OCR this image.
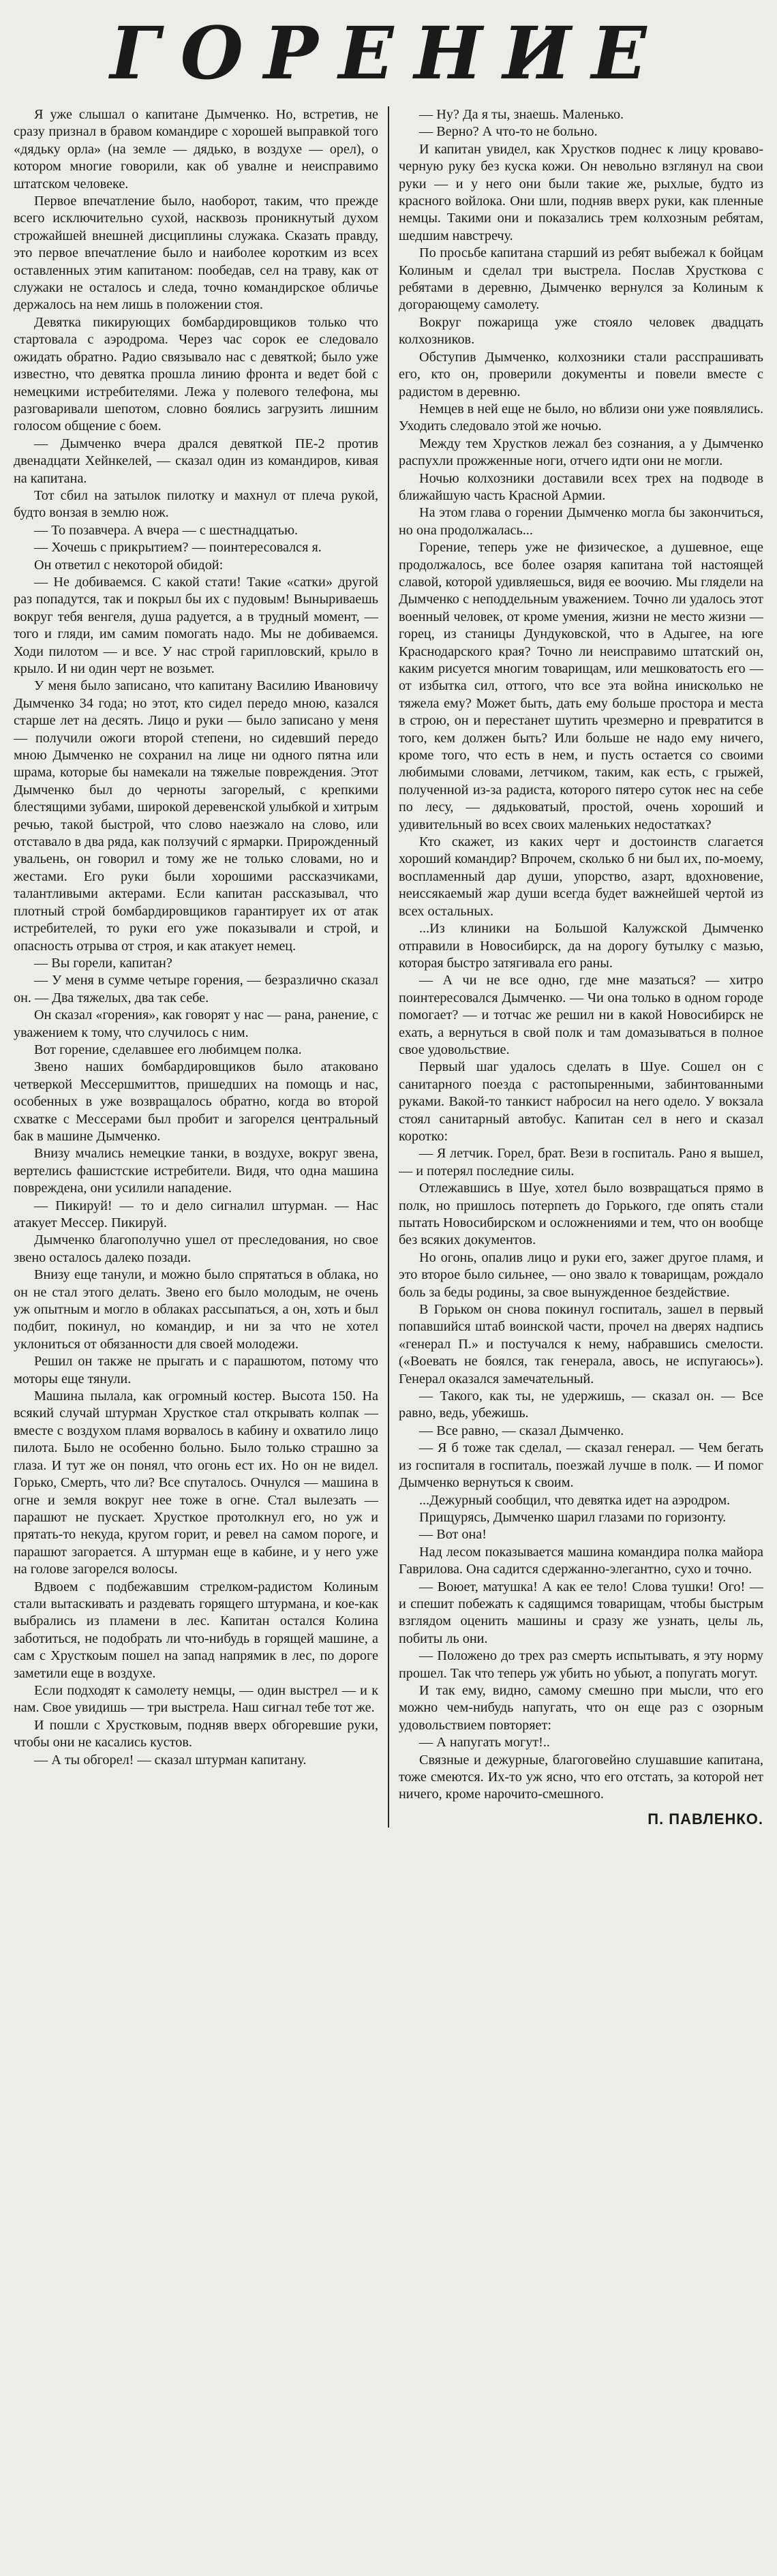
ГОРЕНИЕ

Я уже слышал о капитане Дымченко. Но, встретив, не сразу признал в бравом командире с хорошей выправкой того «дядьку орла» (на земле — дядько, в воздухе — орел), о котором многие говорили, как об увалне и неисправимо штатском человеке.

Первое впечатление было, наоборот, таким, что прежде всего исключительно сухой, насквозь проникнутый духом строжайшей внешней дисциплины служака. Сказать правду, это первое впечатление было и наиболее коротким из всех оставленных этим капитаном: пообедав, сел на траву, как от служаки не осталось и следа, точно командирское обличье держалось на нем лишь в положении стоя.

Девятка пикирующих бомбардировщиков только что стартовала с аэродрома. Через час сорок ее следовало ожидать обратно. Радио связывало нас с девяткой; было уже известно, что девятка прошла линию фронта и ведет бой с немецкими истребителями. Лежа у полевого телефона, мы разговаривали шепотом, словно боялись загрузить лишним голосом общение с боем.

— Дымченко вчера дрался девяткой ПЕ-2 против двенадцати Хейнкелей, — сказал один из командиров, кивая на капитана.

Тот сбил на затылок пилотку и махнул от плеча рукой, будто вонзая в землю нож.

— То позавчера. А вчера — с шестнадцатью.

— Хочешь с прикрытием? — поинтересовался я.

Он ответил с некоторой обидой:

— Не добиваемся. С какой стати! Такие «сатки» другой раз попадутся, так и покрыл бы их с пудовым! Выныриваешь вокруг тебя венгеля, душа радуется, а в трудный момент, — того и гляди, им самим помогать надо. Мы не добиваемся. Ходи пилотом — и все. У нас строй гарипловский, крыло в крыло. И ни один черт не возьмет.

У меня было записано, что капитану Василию Ивановичу Дымченко 34 года; но этот, кто сидел передо мною, казался старше лет на десять. Лицо и руки — было записано у меня — получили ожоги второй степени, но сидевший передо мною Дымченко не сохранил на лице ни одного пятна или шрама, которые бы намекали на тяжелые повреждения. Этот Дымченко был до черноты загорелый, с крепкими блестящими зубами, широкой деревенской улыбкой и хитрым речью, такой быстрой, что слово наезжало на слово, или отставало в два ряда, как ползучий с ярмарки. Прирожденный увальень, он говорил и тому же не только словами, но и жестами. Его руки были хорошими рассказчиками, талантливыми актерами. Если капитан рассказывал, что плотный строй бомбардировщиков гарантирует их от атак истребителей, то руки его уже показывали и строй, и опасность отрыва от строя, и как атакует немец.

— Вы горели, капитан?

— У меня в сумме четыре горения, — безразлично сказал он. — Два тяжелых, два так себе.

Он сказал «горения», как говорят у нас — рана, ранение, с уважением к тому, что случилось с ним.

Вот горение, сделавшее его любимцем полка.

Звено наших бомбардировщиков было атаковано четверкой Мессершмиттов, пришедших на помощь и нас, особенных в уже возвращалось обратно, когда во второй схватке с Мессерами был пробит и загорелся центральный бак в машине Дымченко.

Внизу мчались немецкие танки, в воздухе, вокруг звена, вертелись фашистские истребители. Видя, что одна машина повреждена, они усилили нападение.

— Пикируй! — то и дело сигналил штурман. — Нас атакует Мессер. Пикируй.

Дымченко благополучно ушел от преследования, но свое звено осталось далеко позади.

Внизу еще танули, и можно было спрятаться в облака, но он не стал этого делать. Звено его было молодым, не очень уж опытным и могло в облаках рассыпаться, а он, хоть и был подбит, покинул, но командир, и ни за что не хотел уклониться от обязанности для своей молодежи.

Решил он также не прыгать и с парашютом, потому что моторы еще тянули.

Машина пылала, как огромный костер. Высота 150. На всякий случай штурман Хрусткое стал открывать колпак — вместе с воздухом пламя ворвалось в кабину и охватило лицо пилота. Было не особенно больно. Было только страшно за глаза. И тут же он понял, что огонь ест их. Но он не видел. Горько, Смерть, что ли? Все спуталось. Очнулся — машина в огне и земля вокруг нее тоже в огне. Стал вылезать — парашют не пускает. Хрусткое протолкнул его, но уж и прятать-то некуда, кругом горит, и ревел на самом пороге, и парашют загорается. А штурман еще в кабине, и у него уже на голове загорелся волосы.

Вдвоем с подбежавшим стрелком-радистом Колиным стали вытаскивать и раздевать горящего штурмана, и кое-как выбрались из пламени в лес. Капитан остался Колина заботиться, не подобрать ли что-нибудь в горящей машине, а сам с Хрусткоым пошел на запад напрямик в лес, по дороге заметили еще в воздухе.

Если подходят к самолету немцы, — один выстрел — и к нам. Свое увидишь — три выстрела. Наш сигнал тебе тот же.

И пошли с Хрустковым, подняв вверх обгоревшие руки, чтобы они не касались кустов.

— А ты обгорел! — сказал штурман капитану.

— Ну? Да я ты, знаешь. Маленько.

— Верно? А что-то не больно.

И капитан увидел, как Хрустков поднес к лицу кроваво-черную руку без куска кожи. Он невольно взглянул на свои руки — и у него они были такие же, рыхлые, будто из красного войлока. Они шли, подняв вверх руки, как пленные немцы. Такими они и показались трем колхозным ребятам, шедшим навстречу.

По просьбе капитана старший из ребят выбежал к бойцам Колиным и сделал три выстрела. Послав Хрусткова с ребятами в деревню, Дымченко вернулся за Колиным к догорающему самолету.

Вокруг пожарища уже стояло человек двадцать колхозников.

Обступив Дымченко, колхозники стали расспрашивать его, кто он, проверили документы и повели вместе с радистом в деревню.

Немцев в ней еще не было, но вблизи они уже появлялись. Уходить следовало этой же ночью.

Между тем Хрустков лежал без сознания, а у Дымченко распухли прожженные ноги, отчего идти они не могли.

Ночью колхозники доставили всех трех на подводе в ближайшую часть Красной Армии.

На этом глава о горении Дымченко могла бы закончиться, но она продолжалась...

Горение, теперь уже не физическое, а душевное, еще продолжалось, все более озаряя капитана той настоящей славой, которой удивляешься, видя ее воочию. Мы глядели на Дымченко с неподдельным уважением. Точно ли удалось этот военный человек, от кроме умения, жизни не место жизни — горец, из станицы Дундуковской, что в Адыгее, на юге Краснодарского края? Точно ли неисправимо штатский он, каким рисуется многим товарищам, или мешковатость его — от избытка сил, оттого, что все эта война инисколько не тяжела ему? Может быть, дать ему больше простора и места в строю, он и перестанет шутить чрезмерно и превратится в того, кем должен быть? Или больше не надо ему ничего, кроме того, что есть в нем, и пусть остается со своими любимыми словами, летчиком, таким, как есть, с грыжей, полученной из-за радиста, которого пятеро суток нес на себе по лесу, — дядьковатый, простой, очень хороший и удивительный во всех своих маленьких недостатках?

Кто скажет, из каких черт и достоинств слагается хороший командир? Впрочем, сколько б ни был их, по-моему, воспламенный дар души, упорство, азарт, вдохновение, неиссякаемый жар души всегда будет важнейшей чертой из всех остальных.

...Из клиники на Большой Калужской Дымченко отправили в Новосибирск, да на дорогу бутылку с мазью, которая быстро затягивала его раны.

— А чи не все одно, где мне мазаться? — хитро поинтересовался Дымченко. — Чи она только в одном городе помогает? — и тотчас же решил ни в какой Новосибирск не ехать, а вернуться в свой полк и там домазываться в полное свое удовольствие.

Первый шаг удалось сделать в Шуе. Сошел он с санитарного поезда с растопыренными, забинтованными руками. Вакой-то танкист набросил на него одело. У вокзала стоял санитарный автобус. Капитан сел в него и сказал коротко:

— Я летчик. Горел, брат. Вези в госпиталь. Рано я вышел, — и потерял последние силы.

Отлежавшись в Шуе, хотел было возвращаться прямо в полк, но пришлось потерпеть до Горького, где опять стали пытать Новосибирском и осложнениями и тем, что он вообще без всяких документов.

Но огонь, опалив лицо и руки его, зажег другое пламя, и это второе было сильнее, — оно звало к товарищам, рождало боль за беды родины, за свое вынужденное бездействие.

В Горьком он снова покинул госпиталь, зашел в первый попавшийся штаб воинской части, прочел на дверях надпись «генерал П.» и постучался к нему, набравшись смелости. («Воевать не боялся, так генерала, авось, не испугаюсь»). Генерал оказался замечательный.

— Такого, как ты, не удержишь, — сказал он. — Все равно, ведь, убежишь.

— Все равно, — сказал Дымченко.

— Я б тоже так сделал, — сказал генерал. — Чем бегать из госпиталя в госпиталь, поезжай лучше в полк. — И помог Дымченко вернуться к своим.

...Дежурный сообщил, что девятка идет на аэродром.

Прищурясь, Дымченко шарил глазами по горизонту.

— Вот она!

Над лесом показывается машина командира полка майора Гаврилова. Она садится сдержанно-элегантно, сухо и точно.

— Воюет, матушка! А как ее тело! Слова тушки! Ого! — и спешит побежать к садящимся товарищам, чтобы быстрым взглядом оценить машины и сразу же узнать, целы ль, побиты ль они.

— Положено до трех раз смерть испытывать, я эту норму прошел. Так что теперь уж убить но убьют, а попугать могут.

И так ему, видно, самому смешно при мысли, что его можно чем-нибудь напугать, что он еще раз с озорным удовольствием повторяет:

— А напугать могут!..

Связные и дежурные, благоговейно слушавшие капитана, тоже смеются. Их-то уж ясно, что его отстать, за которой нет ничего, кроме нарочито-смешного.

П. ПАВЛЕНКО.
